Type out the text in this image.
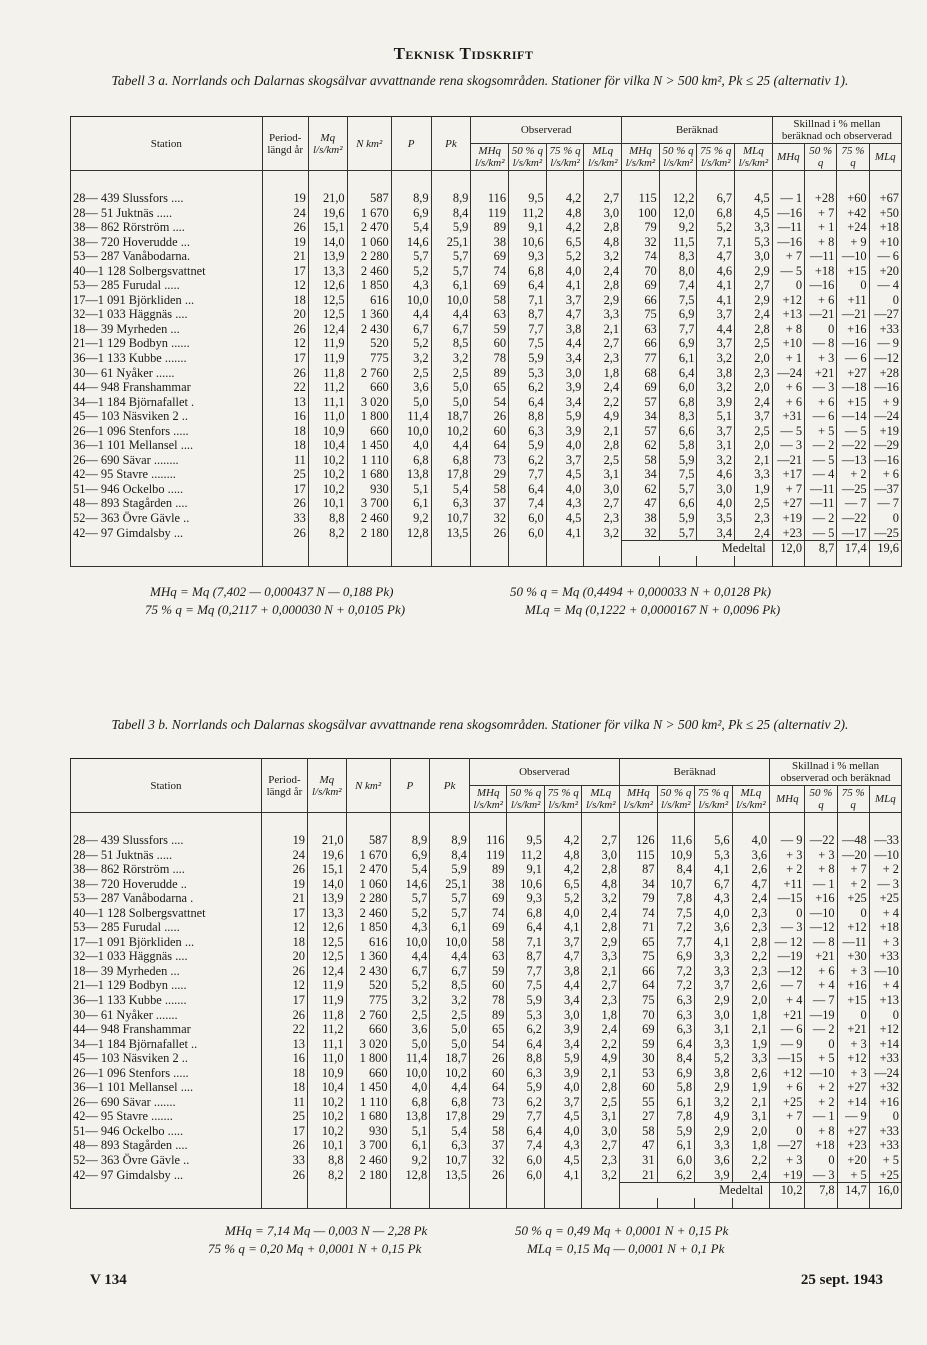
Teknisk Tidskrift
Tabell 3 a. Norrlands och Dalarnas skogsälvar avvattnande rena skogsområden. Stationer för vilka N > 500 km², Pk ≤ 25 (alternativ 1).
Station	Period-längd år	Mq l/s/km²	N km²	P	Pk	Observerad				Beräknad				Skillnad i % mellan beräknad och observerad			
						MHq l/s/km²	50 % q l/s/km²	75 % q l/s/km²	MLq l/s/km²	MHq l/s/km²	50 % q l/s/km²	75 % q l/s/km²	MLq l/s/km²	MHq	50 % q	75 % q	MLq

28— 439 Slussfors ....	19	21,0	587	8,9	8,9	116	9,5	4,2	2,7	115	12,2	6,7	4,5	— 1	+28	+60	+67
28— 51 Juktnäs .....	24	19,6	1 670	6,9	8,4	119	11,2	4,8	3,0	100	12,0	6,8	4,5	—16	+ 7	+42	+50
38— 862 Rörström ....	26	15,1	2 470	5,4	5,9	89	9,1	4,2	2,8	79	9,2	5,2	3,3	—11	+ 1	+24	+18
38— 720 Hoverudde ...	19	14,0	1 060	14,6	25,1	38	10,6	6,5	4,8	32	11,5	7,1	5,3	—16	+ 8	+ 9	+10
53— 287 Vanåbodarna.	21	13,9	2 280	5,7	5,7	69	9,3	5,2	3,2	74	8,3	4,7	3,0	+ 7	—11	—10	— 6
40—1 128 Solbergsvattnet	17	13,3	2 460	5,2	5,7	74	6,8	4,0	2,4	70	8,0	4,6	2,9	— 5	+18	+15	+20
53— 285 Furudal .....	12	12,6	1 850	4,3	6,1	69	6,4	4,1	2,8	69	7,4	4,1	2,7	0	—16	0	— 4
17—1 091 Björkliden ...	18	12,5	616	10,0	10,0	58	7,1	3,7	2,9	66	7,5	4,1	2,9	+12	+ 6	+11	0
32—1 033 Häggnäs ....	20	12,5	1 360	4,4	4,4	63	8,7	4,7	3,3	75	6,9	3,7	2,4	+13	—21	—21	—27
18— 39 Myrheden ...	26	12,4	2 430	6,7	6,7	59	7,7	3,8	2,1	63	7,7	4,4	2,8	+ 8	0	+16	+33
21—1 129 Bodbyn ......	12	11,9	520	5,2	8,5	60	7,5	4,4	2,7	66	6,9	3,7	2,5	+10	— 8	—16	— 9
36—1 133 Kubbe .......	17	11,9	775	3,2	3,2	78	5,9	3,4	2,3	77	6,1	3,2	2,0	+ 1	+ 3	— 6	—12
30— 61 Nyåker ......	26	11,8	2 760	2,5	2,5	89	5,3	3,0	1,8	68	6,4	3,8	2,3	—24	+21	+27	+28
44— 948 Franshammar	22	11,2	660	3,6	5,0	65	6,2	3,9	2,4	69	6,0	3,2	2,0	+ 6	— 3	—18	—16
34—1 184 Björnafallet .	13	11,1	3 020	5,0	5,0	54	6,4	3,4	2,2	57	6,8	3,9	2,4	+ 6	+ 6	+15	+ 9
45— 103 Näsviken 2 ..	16	11,0	1 800	11,4	18,7	26	8,8	5,9	4,9	34	8,3	5,1	3,7	+31	— 6	—14	—24
26—1 096 Stenfors .....	18	10,9	660	10,0	10,2	60	6,3	3,9	2,1	57	6,6	3,7	2,5	— 5	+ 5	— 5	+19
36—1 101 Mellansel ....	18	10,4	1 450	4,0	4,4	64	5,9	4,0	2,8	62	5,8	3,1	2,0	— 3	— 2	—22	—29
26— 690 Sävar ........	11	10,2	1 110	6,8	6,8	73	6,2	3,7	2,5	58	5,9	3,2	2,1	—21	— 5	—13	—16
42— 95 Stavre ........	25	10,2	1 680	13,8	17,8	29	7,7	4,5	3,1	34	7,5	4,6	3,3	+17	— 4	+ 2	+ 6
51— 946 Ockelbo .....	17	10,2	930	5,1	5,4	58	6,4	4,0	3,0	62	5,7	3,0	1,9	+ 7	—11	—25	—37
48— 893 Stagården ....	26	10,1	3 700	6,1	6,3	37	7,4	4,3	2,7	47	6,6	4,0	2,5	+27	—11	— 7	— 7
52— 363 Övre Gävle ..	33	8,8	2 460	9,2	10,7	32	6,0	4,5	2,3	38	5,9	3,5	2,3	+19	— 2	—22	0
42— 97 Gimdalsby ...	26	8,2	2 180	12,8	13,5	26	6,0	4,1	3,2	32	5,7	3,4	2,4	+23	— 5	—17	—25
										Medeltal				12,0	8,7	17,4	19,6

MHq = Mq (7,402 — 0,000437 N — 0,188 Pk)	50 % q = Mq (0,4494 + 0,000033 N + 0,0128 Pk)
75 % q = Mq (0,2117 + 0,000030 N + 0,0105 Pk)	MLq = Mq (0,1222 + 0,0000167 N + 0,0096 Pk)
Tabell 3 b. Norrlands och Dalarnas skogsälvar avvattnande rena skogsområden. Stationer för vilka N > 500 km², Pk ≤ 25 (alternativ 2).
Station	Period-längd år	Mq l/s/km²	N km²	P	Pk	Observerad				Beräknad				Skillnad i % mellan observerad och beräknad			
						MHq l/s/km²	50 % q l/s/km²	75 % q l/s/km²	MLq l/s/km²	MHq l/s/km²	50 % q l/s/km²	75 % q l/s/km²	MLq l/s/km²	MHq	50 % q	75 % q	MLq

28— 439 Slussfors ....	19	21,0	587	8,9	8,9	116	9,5	4,2	2,7	126	11,6	5,6	4,0	— 9	—22	—48	—33
28— 51 Juktnäs .....	24	19,6	1 670	6,9	8,4	119	11,2	4,8	3,0	115	10,9	5,3	3,6	+ 3	+ 3	—20	—10
38— 862 Rörström ....	26	15,1	2 470	5,4	5,9	89	9,1	4,2	2,8	87	8,4	4,1	2,6	+ 2	+ 8	+ 7	+ 2
38— 720 Hoverudde ..	19	14,0	1 060	14,6	25,1	38	10,6	6,5	4,8	34	10,7	6,7	4,7	+11	— 1	+ 2	— 3
53— 287 Vanåbodarna .	21	13,9	2 280	5,7	5,7	69	9,3	5,2	3,2	79	7,8	4,3	2,4	—15	+16	+25	+25
40—1 128 Solbergsvattnet	17	13,3	2 460	5,2	5,7	74	6,8	4,0	2,4	74	7,5	4,0	2,3	0	—10	0	+ 4
53— 285 Furudal .....	12	12,6	1 850	4,3	6,1	69	6,4	4,1	2,8	71	7,2	3,6	2,3	— 3	—12	+12	+18
17—1 091 Björkliden ...	18	12,5	616	10,0	10,0	58	7,1	3,7	2,9	65	7,7	4,1	2,8	— 12	— 8	—11	+ 3
32—1 033 Häggnäs ....	20	12,5	1 360	4,4	4,4	63	8,7	4,7	3,3	75	6,9	3,3	2,2	—19	+21	+30	+33
18— 39 Myrheden ...	26	12,4	2 430	6,7	6,7	59	7,7	3,8	2,1	66	7,2	3,3	2,3	—12	+ 6	+ 3	—10
21—1 129 Bodbyn .....	12	11,9	520	5,2	8,5	60	7,5	4,4	2,7	64	7,2	3,7	2,6	— 7	+ 4	+16	+ 4
36—1 133 Kubbe .......	17	11,9	775	3,2	3,2	78	5,9	3,4	2,3	75	6,3	2,9	2,0	+ 4	— 7	+15	+13
30— 61 Nyåker .......	26	11,8	2 760	2,5	2,5	89	5,3	3,0	1,8	70	6,3	3,0	1,8	+21	—19	0	0
44— 948 Franshammar	22	11,2	660	3,6	5,0	65	6,2	3,9	2,4	69	6,3	3,1	2,1	— 6	— 2	+21	+12
34—1 184 Björnafallet ..	13	11,1	3 020	5,0	5,0	54	6,4	3,4	2,2	59	6,4	3,3	1,9	— 9	0	+ 3	+14
45— 103 Näsviken 2 ..	16	11,0	1 800	11,4	18,7	26	8,8	5,9	4,9	30	8,4	5,2	3,3	—15	+ 5	+12	+33
26—1 096 Stenfors .....	18	10,9	660	10,0	10,2	60	6,3	3,9	2,1	53	6,9	3,8	2,6	+12	—10	+ 3	—24
36—1 101 Mellansel ....	18	10,4	1 450	4,0	4,4	64	5,9	4,0	2,8	60	5,8	2,9	1,9	+ 6	+ 2	+27	+32
26— 690 Sävar .......	11	10,2	1 110	6,8	6,8	73	6,2	3,7	2,5	55	6,1	3,2	2,1	+25	+ 2	+14	+16
42— 95 Stavre .......	25	10,2	1 680	13,8	17,8	29	7,7	4,5	3,1	27	7,8	4,9	3,1	+ 7	— 1	— 9	0
51— 946 Ockelbo .....	17	10,2	930	5,1	5,4	58	6,4	4,0	3,0	58	5,9	2,9	2,0	0	+ 8	+27	+33
48— 893 Stagården ....	26	10,1	3 700	6,1	6,3	37	7,4	4,3	2,7	47	6,1	3,3	1,8	—27	+18	+23	+33
52— 363 Övre Gävle ..	33	8,8	2 460	9,2	10,7	32	6,0	4,5	2,3	31	6,0	3,6	2,2	+ 3	0	+20	+ 5
42— 97 Gimdalsby ...	26	8,2	2 180	12,8	13,5	26	6,0	4,1	3,2	21	6,2	3,9	2,4	+19	— 3	+ 5	+25
										Medeltal				10,2	7,8	14,7	16,0

MHq = 7,14 Mq — 0,003 N — 2,28 Pk	50 % q = 0,49 Mq + 0,0001 N + 0,15 Pk
75 % q = 0,20 Mq + 0,0001 N + 0,15 Pk	MLq = 0,15 Mq — 0,0001 N + 0,1 Pk
V 134	25 sept. 1943
